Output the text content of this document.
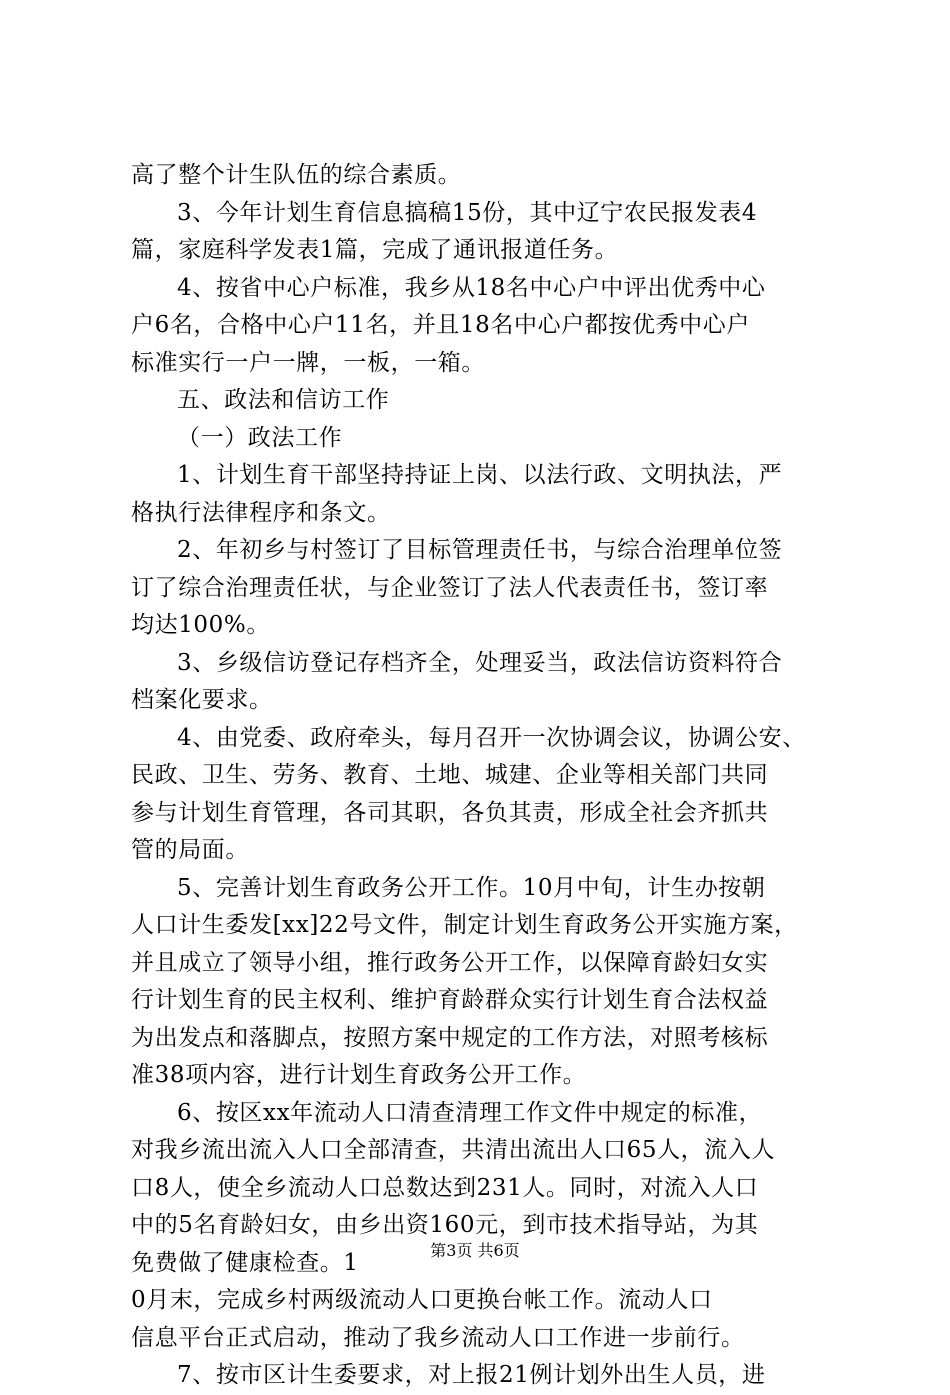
高了整个计生队伍的综合素质。
3、今年计划生育信息搞稿15份，其中辽宁农民报发表4
篇，家庭科学发表1篇，完成了通讯报道任务。
4、按省中心户标准，我乡从18名中心户中评出优秀中心
户6名，合格中心户11名，并且18名中心户都按优秀中心户
标准实行一户一牌，一板，一箱。
五、政法和信访工作
（一）政法工作
1、计划生育干部坚持持证上岗、以法行政、文明执法，严
格执行法律程序和条文。
2、年初乡与村签订了目标管理责任书，与综合治理单位签
订了综合治理责任状，与企业签订了法人代表责任书，签订率
均达100%。
3、乡级信访登记存档齐全，处理妥当，政法信访资料符合
档案化要求。
4、由党委、政府牵头，每月召开一次协调会议，协调公安、
民政、卫生、劳务、教育、土地、城建、企业等相关部门共同
参与计划生育管理，各司其职，各负其责，形成全社会齐抓共
管的局面。
5、完善计划生育政务公开工作。10月中旬，计生办按朝
人口计生委发[xx]22号文件，制定计划生育政务公开实施方案，
并且成立了领导小组，推行政务公开工作，以保障育龄妇女实
行计划生育的民主权利、维护育龄群众实行计划生育合法权益
为出发点和落脚点，按照方案中规定的工作方法，对照考核标
准38项内容，进行计划生育政务公开工作。
6、按区xx年流动人口清查清理工作文件中规定的标准，
对我乡流出流入人口全部清查，共清出流出人口65人，流入人
口8人，使全乡流动人口总数达到231人。同时，对流入人口
中的5名育龄妇女，由乡出资160元，到市技术指导站，为其
免费做了健康检查。1
0月末，完成乡村两级流动人口更换台帐工作。流动人口
信息平台正式启动，推动了我乡流动人口工作进一步前行。
7、按市区计生委要求，对上报21例计划外出生人员，进
第3页 共6页
